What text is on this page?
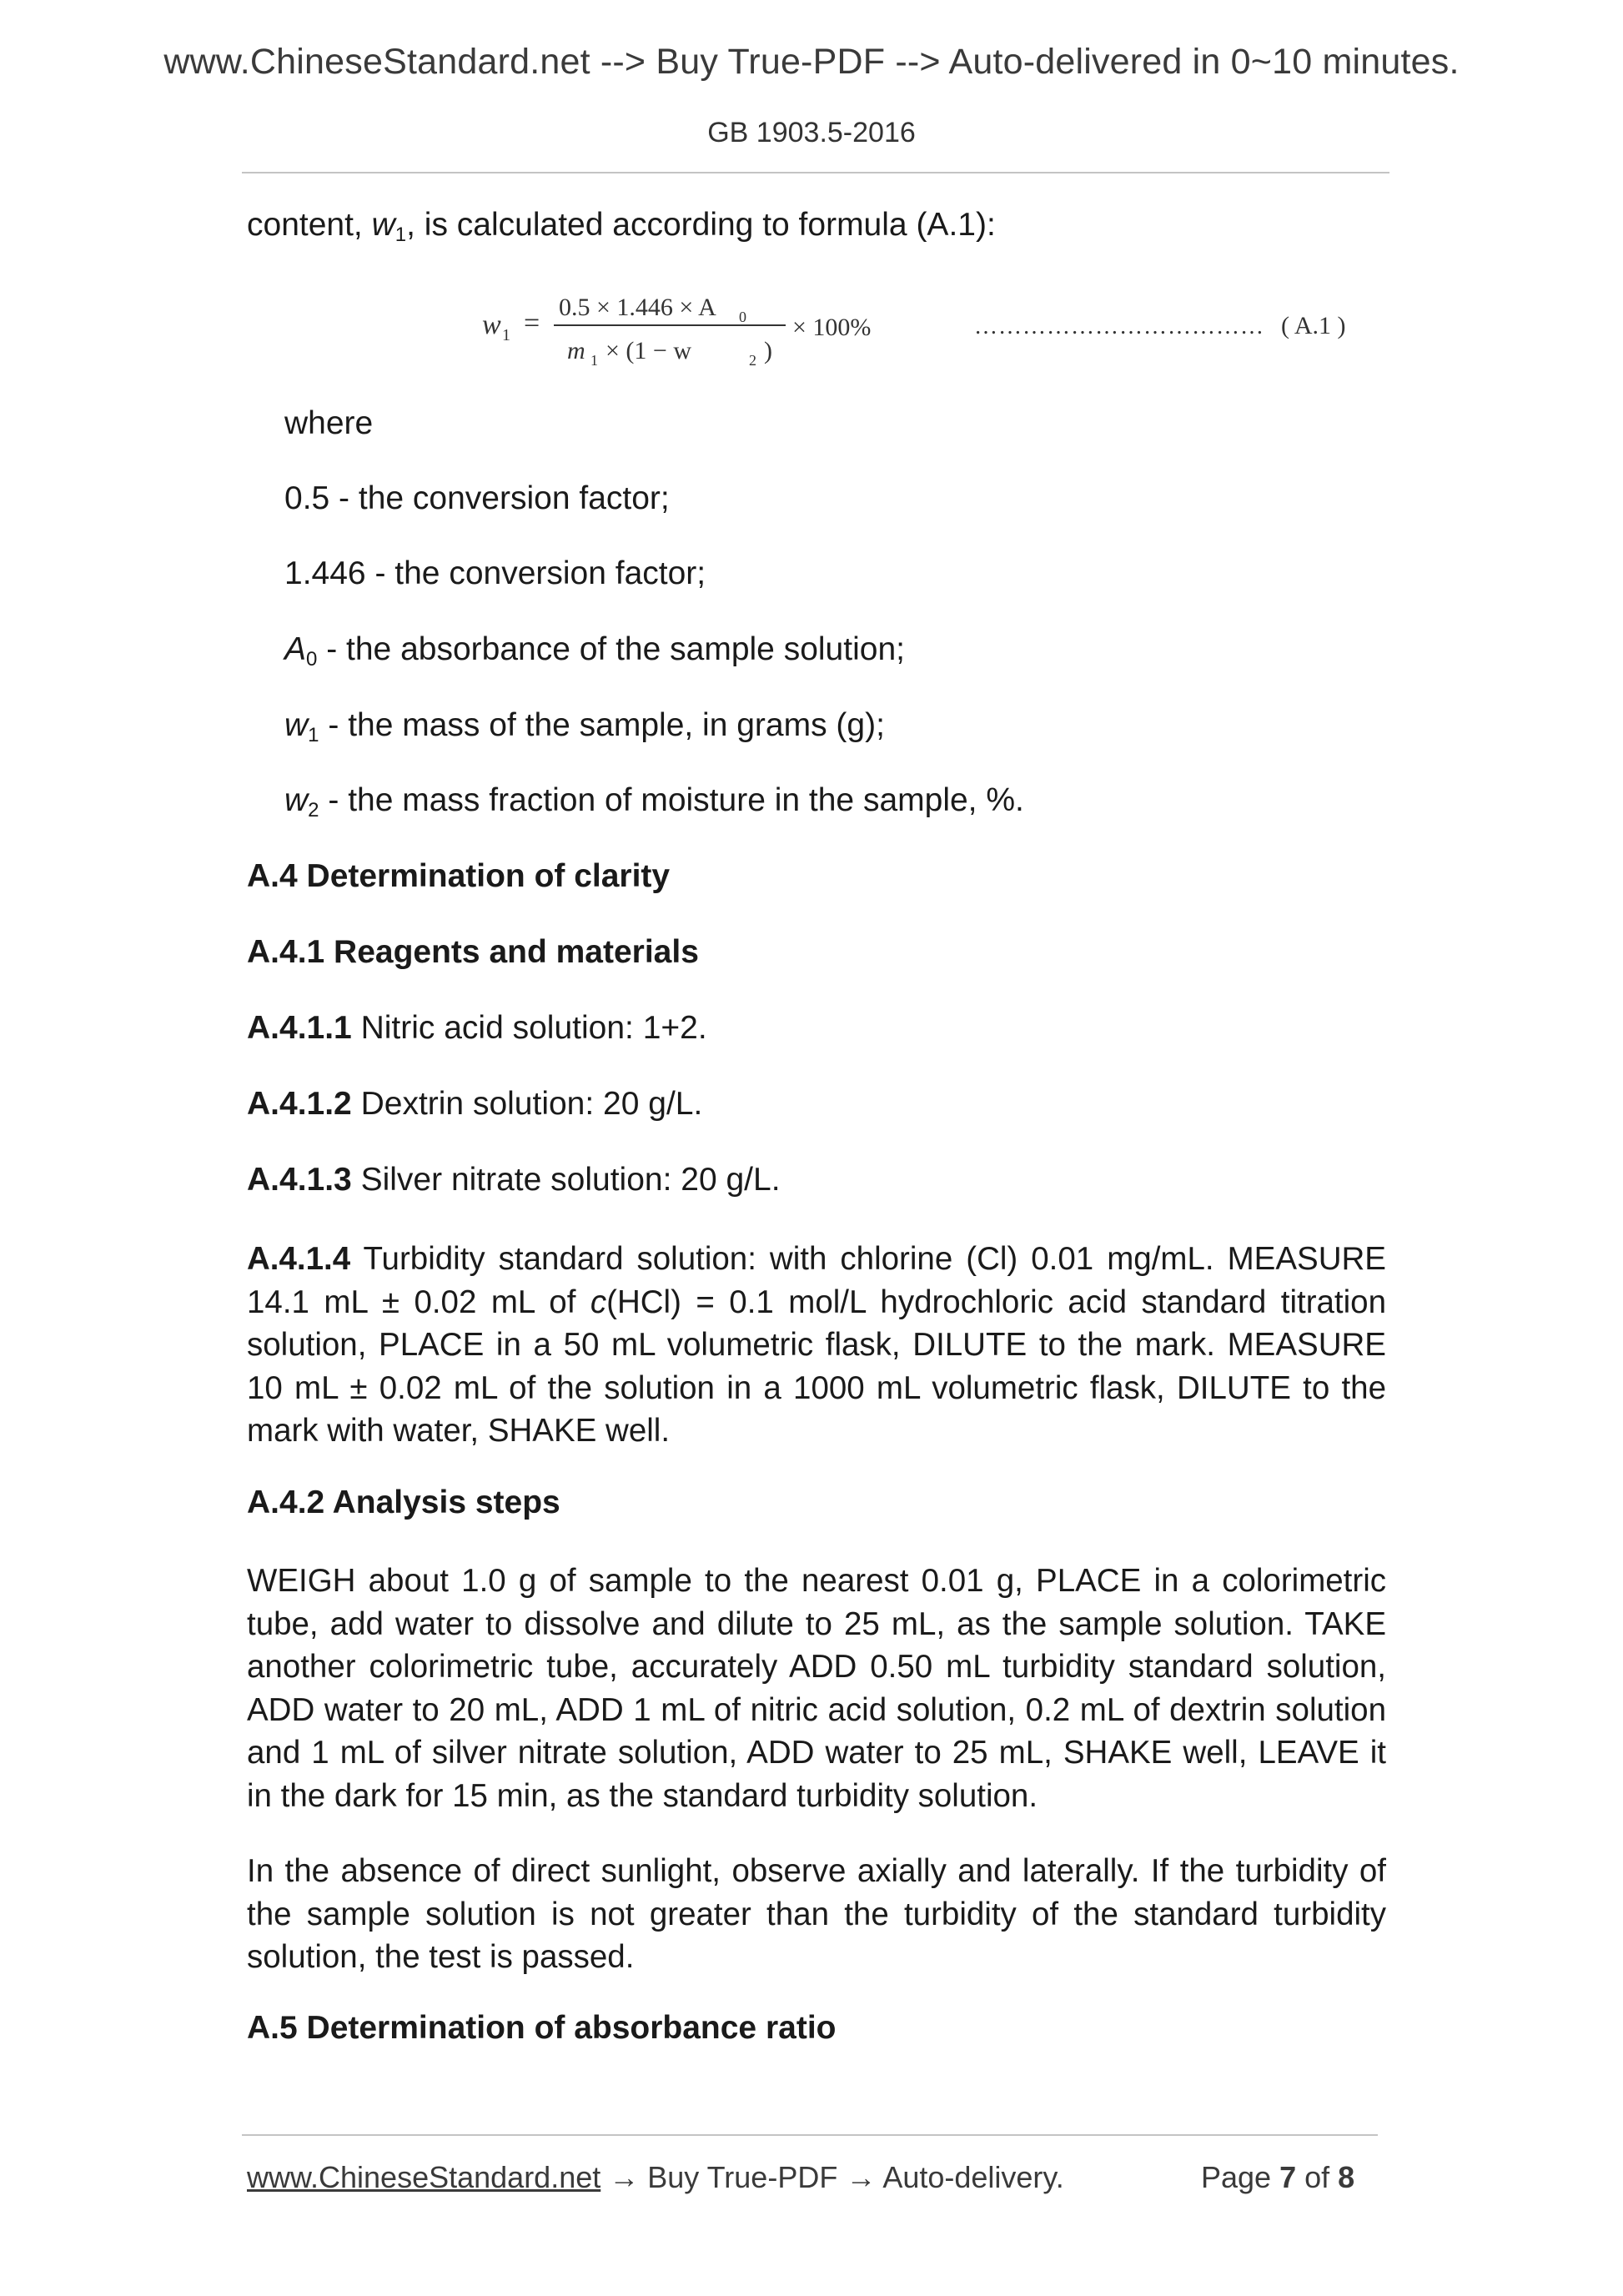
www.ChineseStandard.net --> Buy True-PDF --> Auto-delivered in 0~10 minutes.
GB 1903.5-2016
content, $w_1$, is calculated according to formula (A.1):
w 1 =
0.5 × 1.446 × A 0
m 1 × (1 − w	2 )
× 100%	……………………………… ( A.1 )
where
0.5 - the conversion factor;
1.446 - the conversion factor;
$A_0$ - the absorbance of the sample solution;
$w_1$ - the mass of the sample, in grams (g);
$w_2$ - the mass fraction of moisture in the sample, %.
A.4 Determination of clarity
A.4.1 Reagents and materials
A.4.1.1 Nitric acid solution: 1+2.
A.4.1.2 Dextrin solution: 20 g/L.
A.4.1.3 Silver nitrate solution: 20 g/L.
A.4.1.4 Turbidity standard solution: with chlorine (Cl) 0.01 mg/mL. MEASURE 14.1 mL ± 0.02 mL of c(HCl) = 0.1 mol/L hydrochloric acid standard titration solution, PLACE in a 50 mL volumetric flask, DILUTE to the mark. MEASURE 10 mL ± 0.02 mL of the solution in a 1000 mL volumetric flask, DILUTE to the mark with water, SHAKE well.
A.4.2 Analysis steps
WEIGH about 1.0 g of sample to the nearest 0.01 g, PLACE in a colorimetric tube, add water to dissolve and dilute to 25 mL, as the sample solution. TAKE another colorimetric tube, accurately ADD 0.50 mL turbidity standard solution, ADD water to 20 mL, ADD 1 mL of nitric acid solution, 0.2 mL of dextrin solution and 1 mL of silver nitrate solution, ADD water to 25 mL, SHAKE well, LEAVE it in the dark for 15 min, as the standard turbidity solution.
In the absence of direct sunlight, observe axially and laterally. If the turbidity of the sample solution is not greater than the turbidity of the standard turbidity solution, the test is passed.
A.5 Determination of absorbance ratio
www.ChineseStandard.net → Buy True-PDF → Auto-delivery.	Page 7 of 8
